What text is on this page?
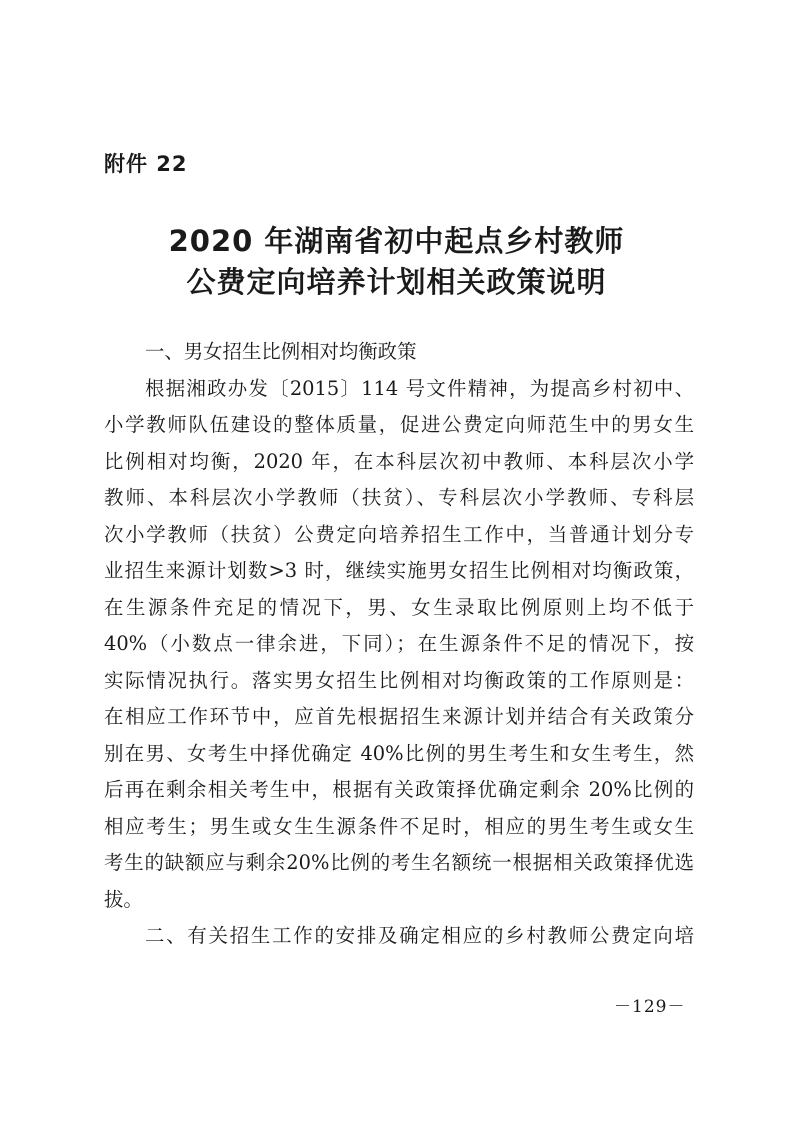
附件 22
2020 年湖南省初中起点乡村教师
公费定向培养计划相关政策说明
一、男女招生比例相对均衡政策
根据湘政办发〔2015〕114 号文件精神，为提高乡村初中、
小学教师队伍建设的整体质量，促进公费定向师范生中的男女生
比例相对均衡，2020 年，在本科层次初中教师、本科层次小学
教师、本科层次小学教师（扶贫）、专科层次小学教师、专科层
次小学教师（扶贫）公费定向培养招生工作中，当普通计划分专
业招生来源计划数>3 时，继续实施男女招生比例相对均衡政策，
在生源条件充足的情况下，男、女生录取比例原则上均不低于
40%（小数点一律余进，下同）；在生源条件不足的情况下，按
实际情况执行。落实男女招生比例相对均衡政策的工作原则是：
在相应工作环节中，应首先根据招生来源计划并结合有关政策分
别在男、女考生中择优确定 40%比例的男生考生和女生考生，然
后再在剩余相关考生中，根据有关政策择优确定剩余 20%比例的
相应考生；男生或女生生源条件不足时，相应的男生考生或女生
考生的缺额应与剩余20%比例的考生名额统一根据相关政策择优选
拔。
二、有关招生工作的安排及确定相应的乡村教师公费定向培
－129－
